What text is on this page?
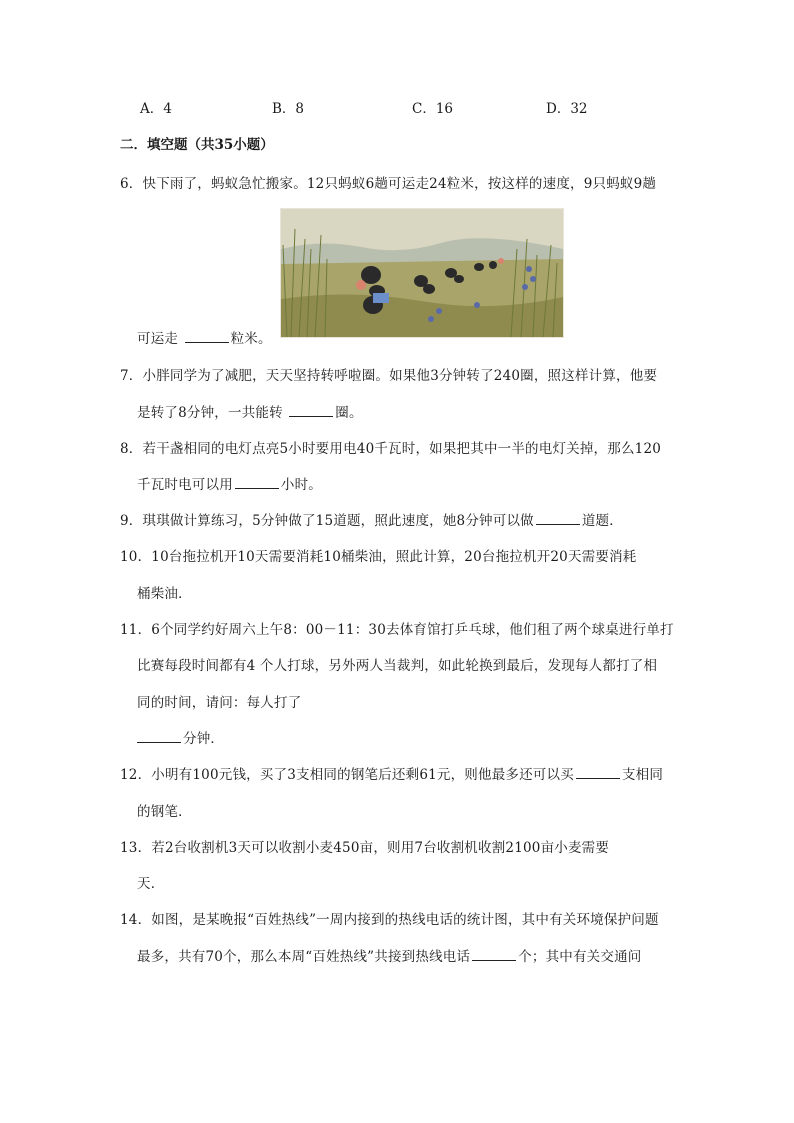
A．4	B．8	C．16	D．32
二．填空题（共35小题）
6．快下雨了，蚂蚁急忙搬家。12只蚂蚁6趟可运走24粒米，按这样的速度，9只蚂蚁9趟
可运走	粒米。
7．小胖同学为了减肥，天天坚持转呼啦圈。如果他3分钟转了240圈，照这样计算，他要
是转了8分钟，一共能转	圈。
8．若干盏相同的电灯点亮5小时要用电40千瓦时，如果把其中一半的电灯关掉，那么120
千瓦时电可以用	小时。
9．琪琪做计算练习，5分钟做了15道题，照此速度，她8分钟可以做	道题．
10．10台拖拉机开10天需要消耗10桶柴油，照此计算，20台拖拉机开20天需要消耗
桶柴油．
11．6个同学约好周六上午8：00－11：30去体育馆打乒乓球，他们租了两个球桌进行单打
比赛每段时间都有4 个人打球，另外两人当裁判，如此轮换到最后，发现每人都打了相
同的时间，请问：每人打了
分钟．
12．小明有100元钱，买了3支相同的钢笔后还剩61元，则他最多还可以买	支相同
的钢笔．
13．若2台收割机3天可以收割小麦450亩，则用7台收割机收割2100亩小麦需要
天．
14．如图，是某晚报“百姓热线”一周内接到的热线电话的统计图，其中有关环境保护问题
最多，共有70个，那么本周“百姓热线”共接到热线电话	个；其中有关交通问
